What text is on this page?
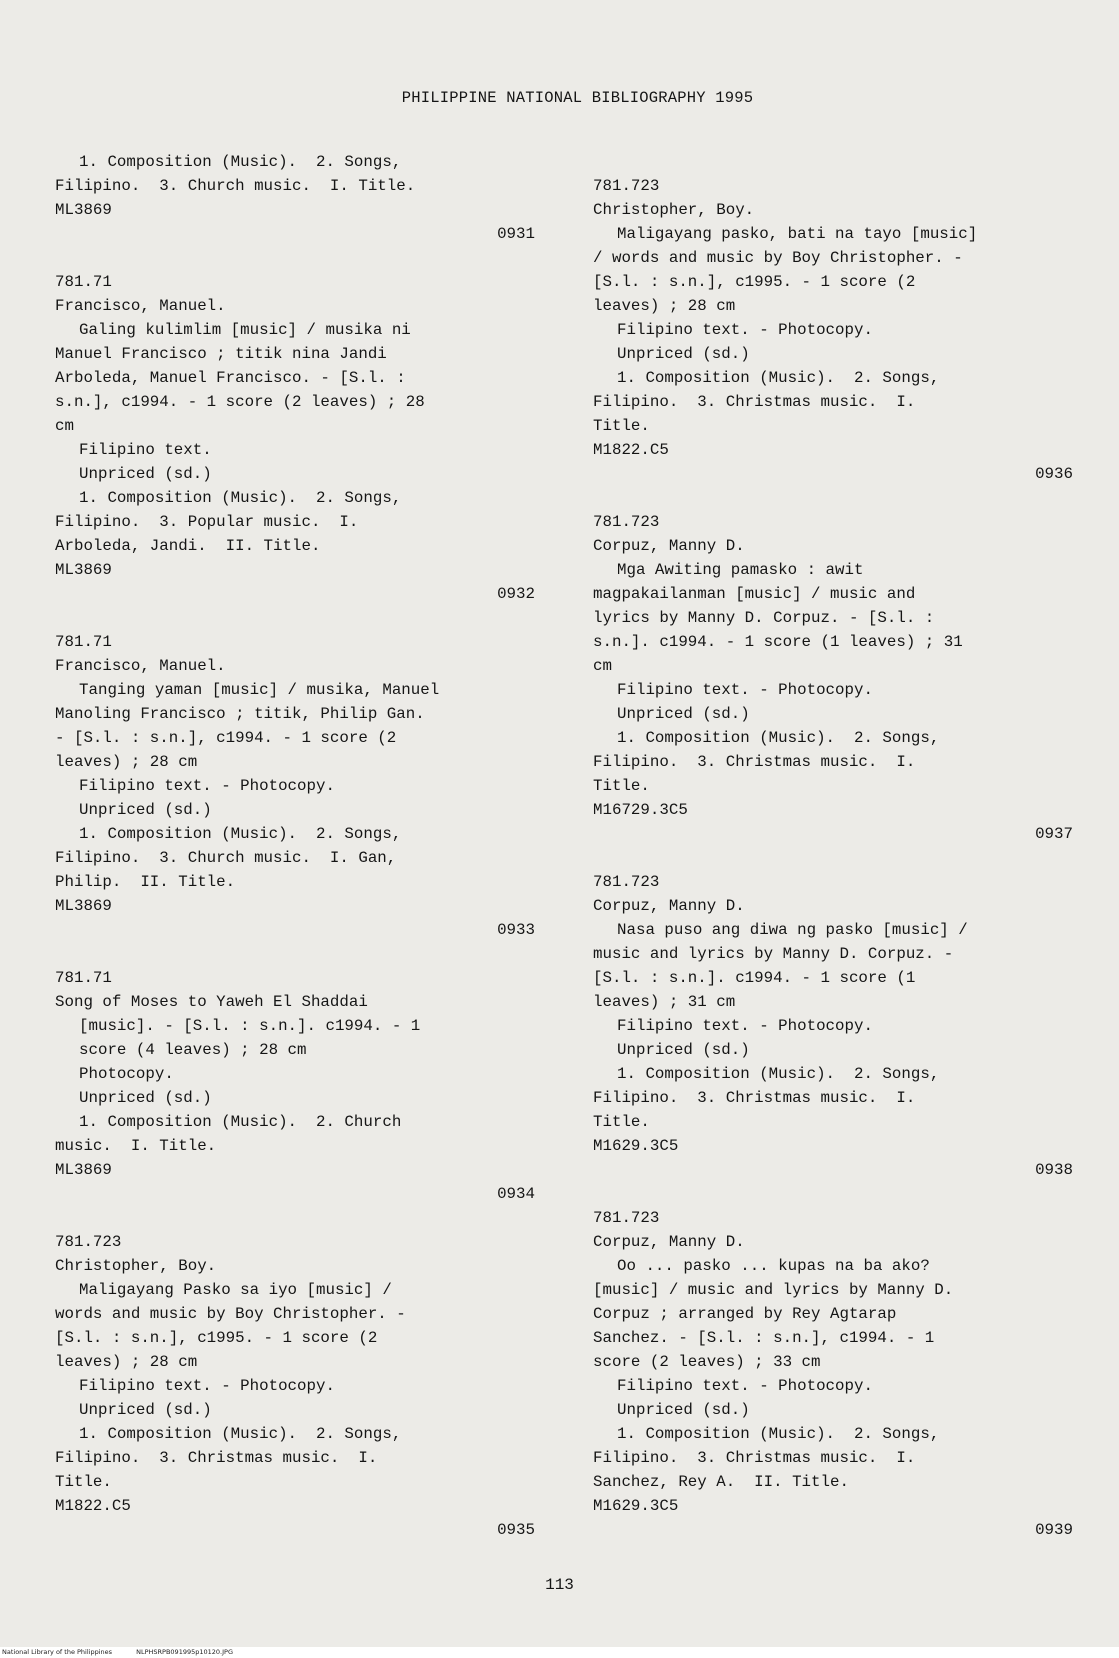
PHILIPPINE NATIONAL BIBLIOGRAPHY 1995
1. Composition (Music).  2. Songs,
Filipino.  3. Church music.  I. Title.
ML3869
0931
781.71
Francisco, Manuel.
Galing kulimlim [music] / musika ni
Manuel Francisco ; titik nina Jandi
Arboleda, Manuel Francisco. - [S.l. :
s.n.], c1994. - 1 score (2 leaves) ; 28
cm
Filipino text.
Unpriced (sd.)
1. Composition (Music).  2. Songs,
Filipino.  3. Popular music.  I.
Arboleda, Jandi.  II. Title.
ML3869
0932
781.71
Francisco, Manuel.
Tanging yaman [music] / musika, Manuel
Manoling Francisco ; titik, Philip Gan.
- [S.l. : s.n.], c1994. - 1 score (2
leaves) ; 28 cm
Filipino text. - Photocopy.
Unpriced (sd.)
1. Composition (Music).  2. Songs,
Filipino.  3. Church music.  I. Gan,
Philip.  II. Title.
ML3869
0933
781.71
Song of Moses to Yaweh El Shaddai
[music]. - [S.l. : s.n.]. c1994. - 1
score (4 leaves) ; 28 cm
Photocopy.
Unpriced (sd.)
1. Composition (Music).  2. Church
music.  I. Title.
ML3869
0934
781.723
Christopher, Boy.
Maligayang Pasko sa iyo [music] /
words and music by Boy Christopher. -
[S.l. : s.n.], c1995. - 1 score (2
leaves) ; 28 cm
Filipino text. - Photocopy.
Unpriced (sd.)
1. Composition (Music).  2. Songs,
Filipino.  3. Christmas music.  I.
Title.
M1822.C5
0935
781.723
Christopher, Boy.
Maligayang pasko, bati na tayo [music]
/ words and music by Boy Christopher. -
[S.l. : s.n.], c1995. - 1 score (2
leaves) ; 28 cm
Filipino text. - Photocopy.
Unpriced (sd.)
1. Composition (Music).  2. Songs,
Filipino.  3. Christmas music.  I.
Title.
M1822.C5
0936
781.723
Corpuz, Manny D.
Mga Awiting pamasko : awit
magpakailanman [music] / music and
lyrics by Manny D. Corpuz. - [S.l. :
s.n.]. c1994. - 1 score (1 leaves) ; 31
cm
Filipino text. - Photocopy.
Unpriced (sd.)
1. Composition (Music).  2. Songs,
Filipino.  3. Christmas music.  I.
Title.
M16729.3C5
0937
781.723
Corpuz, Manny D.
Nasa puso ang diwa ng pasko [music] /
music and lyrics by Manny D. Corpuz. -
[S.l. : s.n.]. c1994. - 1 score (1
leaves) ; 31 cm
Filipino text. - Photocopy.
Unpriced (sd.)
1. Composition (Music).  2. Songs,
Filipino.  3. Christmas music.  I.
Title.
M1629.3C5
0938
781.723
Corpuz, Manny D.
Oo ... pasko ... kupas na ba ako?
[music] / music and lyrics by Manny D.
Corpuz ; arranged by Rey Agtarap
Sanchez. - [S.l. : s.n.], c1994. - 1
score (2 leaves) ; 33 cm
Filipino text. - Photocopy.
Unpriced (sd.)
1. Composition (Music).  2. Songs,
Filipino.  3. Christmas music.  I.
Sanchez, Rey A.  II. Title.
M1629.3C5
0939
113
National Library of the Philippines	NLPHSRPB091995p10120.JPG
